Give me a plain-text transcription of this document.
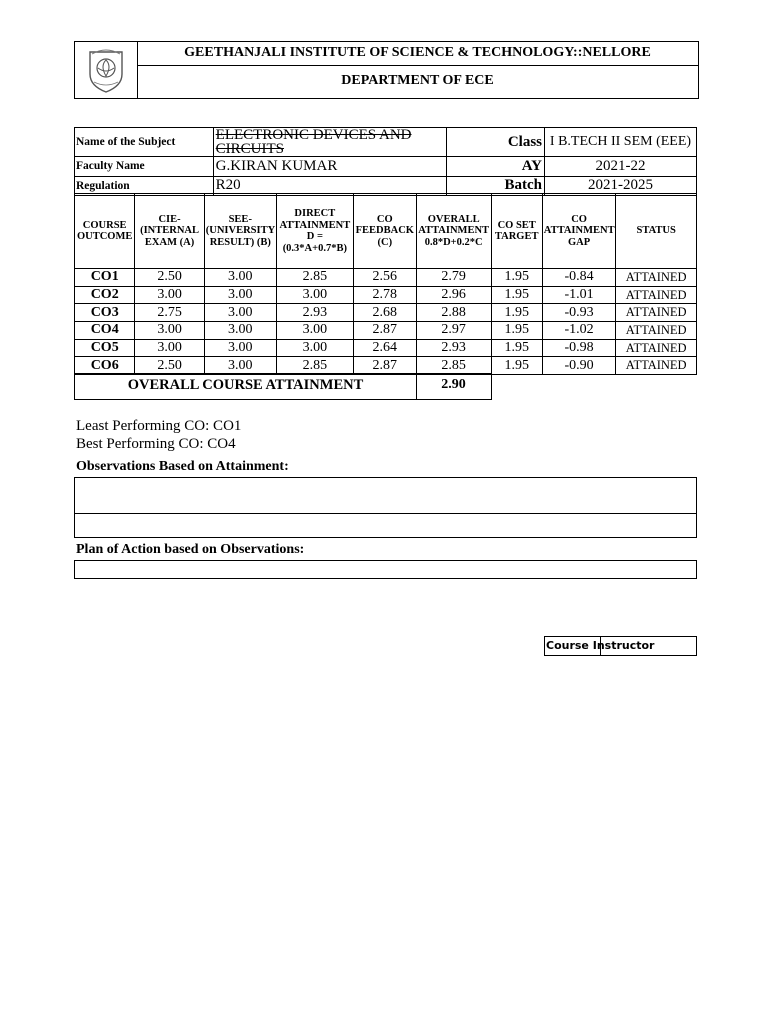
GEETHANJALI INSTITUTE OF SCIENCE & TECHNOLOGY::NELLORE
DEPARTMENT OF ECE
Name of the Subject	ELECTRONIC DEVICES AND CIRCUITS	Class	I B.TECH II SEM (EEE)
Faculty Name	G.KIRAN KUMAR	AY	2021-22
Regulation	R20	Batch	2021-2025
COURSE OUTCOME	CIE-(INTERNAL EXAM (A)	SEE-(UNIVERSITY RESULT) (B)	DIRECT ATTAINMENT D = (0.3*A+0.7*B)	CO FEEDBACK (C)	OVERALL ATTAINMENT 0.8*D+0.2*C	CO SET TARGET	CO ATTAINMENT GAP	STATUS
CO1	2.50	3.00	2.85	2.56	2.79	1.95	-0.84	ATTAINED
CO2	3.00	3.00	3.00	2.78	2.96	1.95	-1.01	ATTAINED
CO3	2.75	3.00	2.93	2.68	2.88	1.95	-0.93	ATTAINED
CO4	3.00	3.00	3.00	2.87	2.97	1.95	-1.02	ATTAINED
CO5	3.00	3.00	3.00	2.64	2.93	1.95	-0.98	ATTAINED
CO6	2.50	3.00	2.85	2.87	2.85	1.95	-0.90	ATTAINED
OVERALL COURSE ATTAINMENT	2.90
Least Performing CO: CO1
Best Performing CO: CO4
Observations Based on Attainment:
Plan of Action based on Observations:
Course Instructor
